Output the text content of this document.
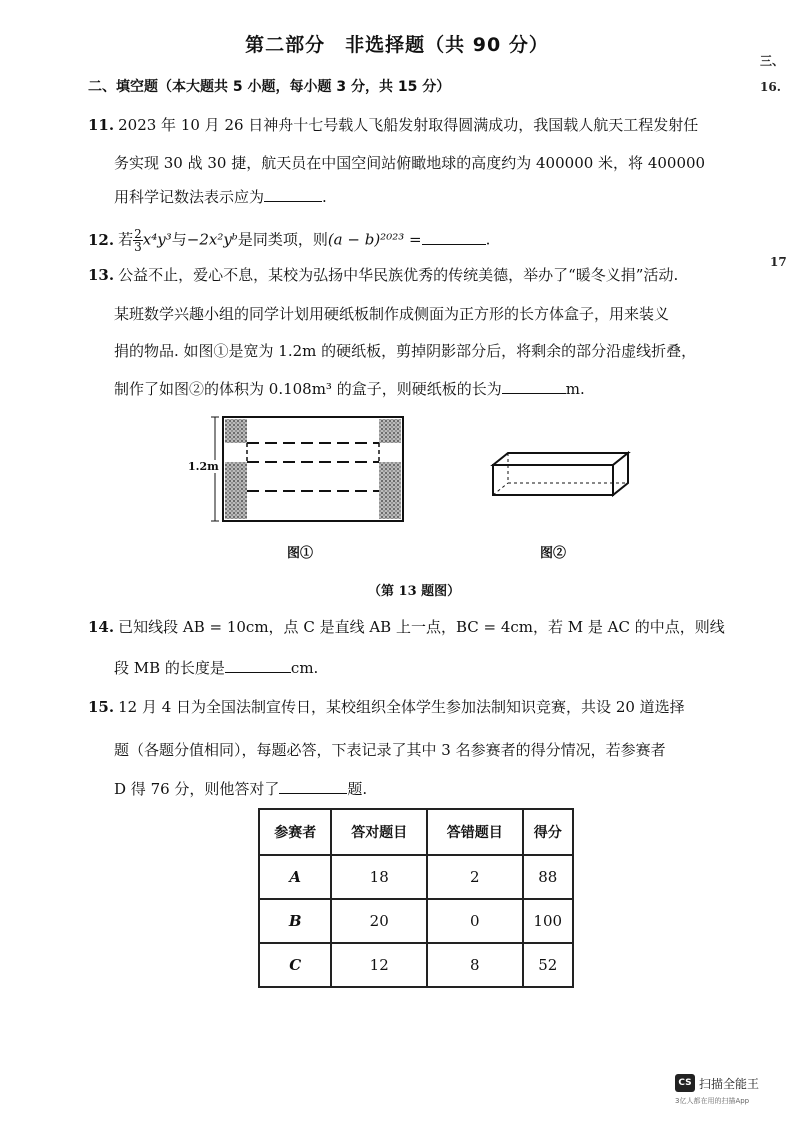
第二部分　非选择题（共 90 分）
二、填空题（本大题共 5 小题，每小题 3 分，共 15 分）
三、
16.
17
11. 2023 年 10 月 26 日神舟十七号载人飞船发射取得圆满成功，我国载人航天工程发射任
务实现 30 战 30 捷，航天员在中国空间站俯瞰地球的高度约为 400000 米，将 400000
用科学记数法表示应为	.
12. 若 $\frac{2}{3} x^4y^3$与−2x²yᵇ是同类项，则(a − b)²⁰²³ =	.
13. 公益不止，爱心不息，某校为弘扬中华民族优秀的传统美德，举办了“暖冬义捐”活动.
某班数学兴趣小组的同学计划用硬纸板制作成侧面为正方形的长方体盒子，用来装义
捐的物品. 如图①是宽为 1.2m 的硬纸板，剪掉阴影部分后，将剩余的部分沿虚线折叠，
制作了如图②的体积为 0.108m³ 的盒子，则硬纸板的长为	m.
1.2m
图①	图②
（第 13 题图）
14. 已知线段 AB = 10cm，点 C 是直线 AB 上一点，BC = 4cm，若 M 是 AC 的中点，则线
段 MB 的长度是	cm.
15. 12 月 4 日为全国法制宣传日，某校组织全体学生参加法制知识竞赛，共设 20 道选择
题（各题分值相同），每题必答，下表记录了其中 3 名参赛者的得分情况，若参赛者
D 得 76 分，则他答对了	题.
参赛者	答对题目	答错题目	得分
A	18	2	88
B	20	0	100
C	12	8	52
CS 扫描全能王
3亿人都在用的扫描App
